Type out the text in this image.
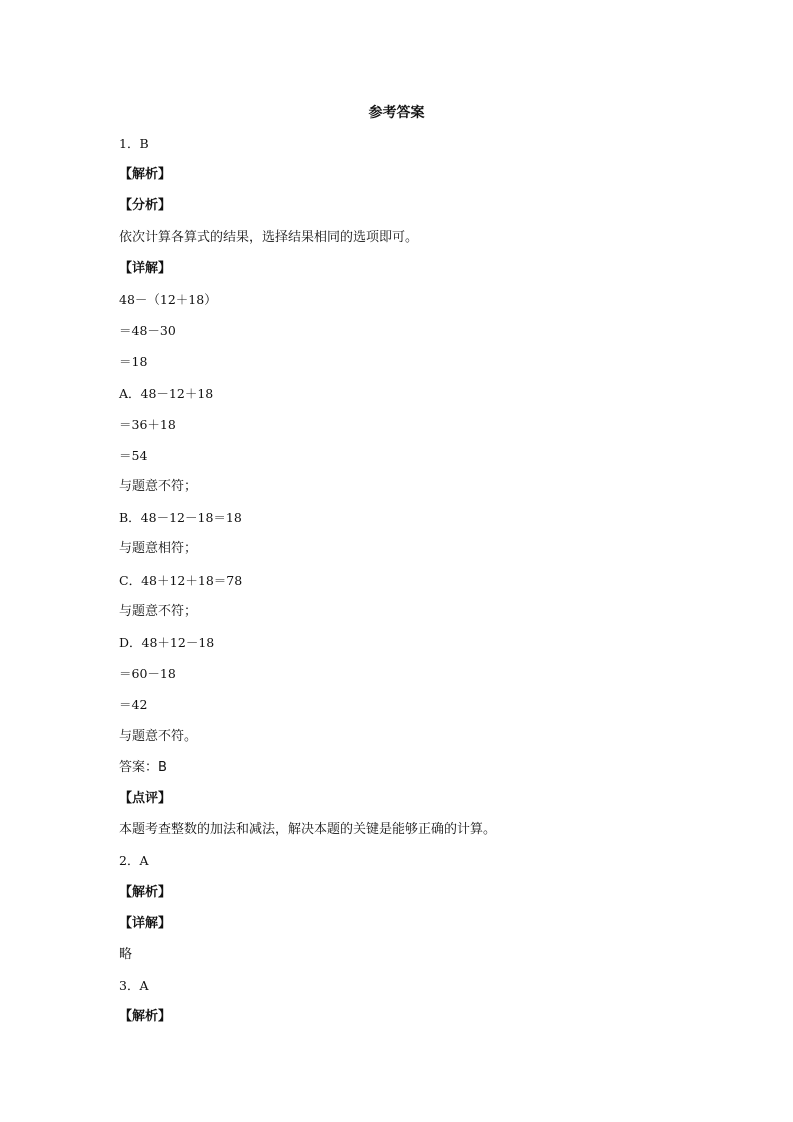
参考答案
1．B
【解析】
【分析】
依次计算各算式的结果，选择结果相同的选项即可。
【详解】
48－（12＋18）
＝48－30
＝18
A．48－12＋18
＝36＋18
＝54
与题意不符；
B．48－12－18＝18
与题意相符；
C．48＋12＋18＝78
与题意不符；
D．48＋12－18
＝60－18
＝42
与题意不符。
答案：B
【点评】
本题考查整数的加法和减法，解决本题的关键是能够正确的计算。
2．A
【解析】
【详解】
略
3．A
【解析】
